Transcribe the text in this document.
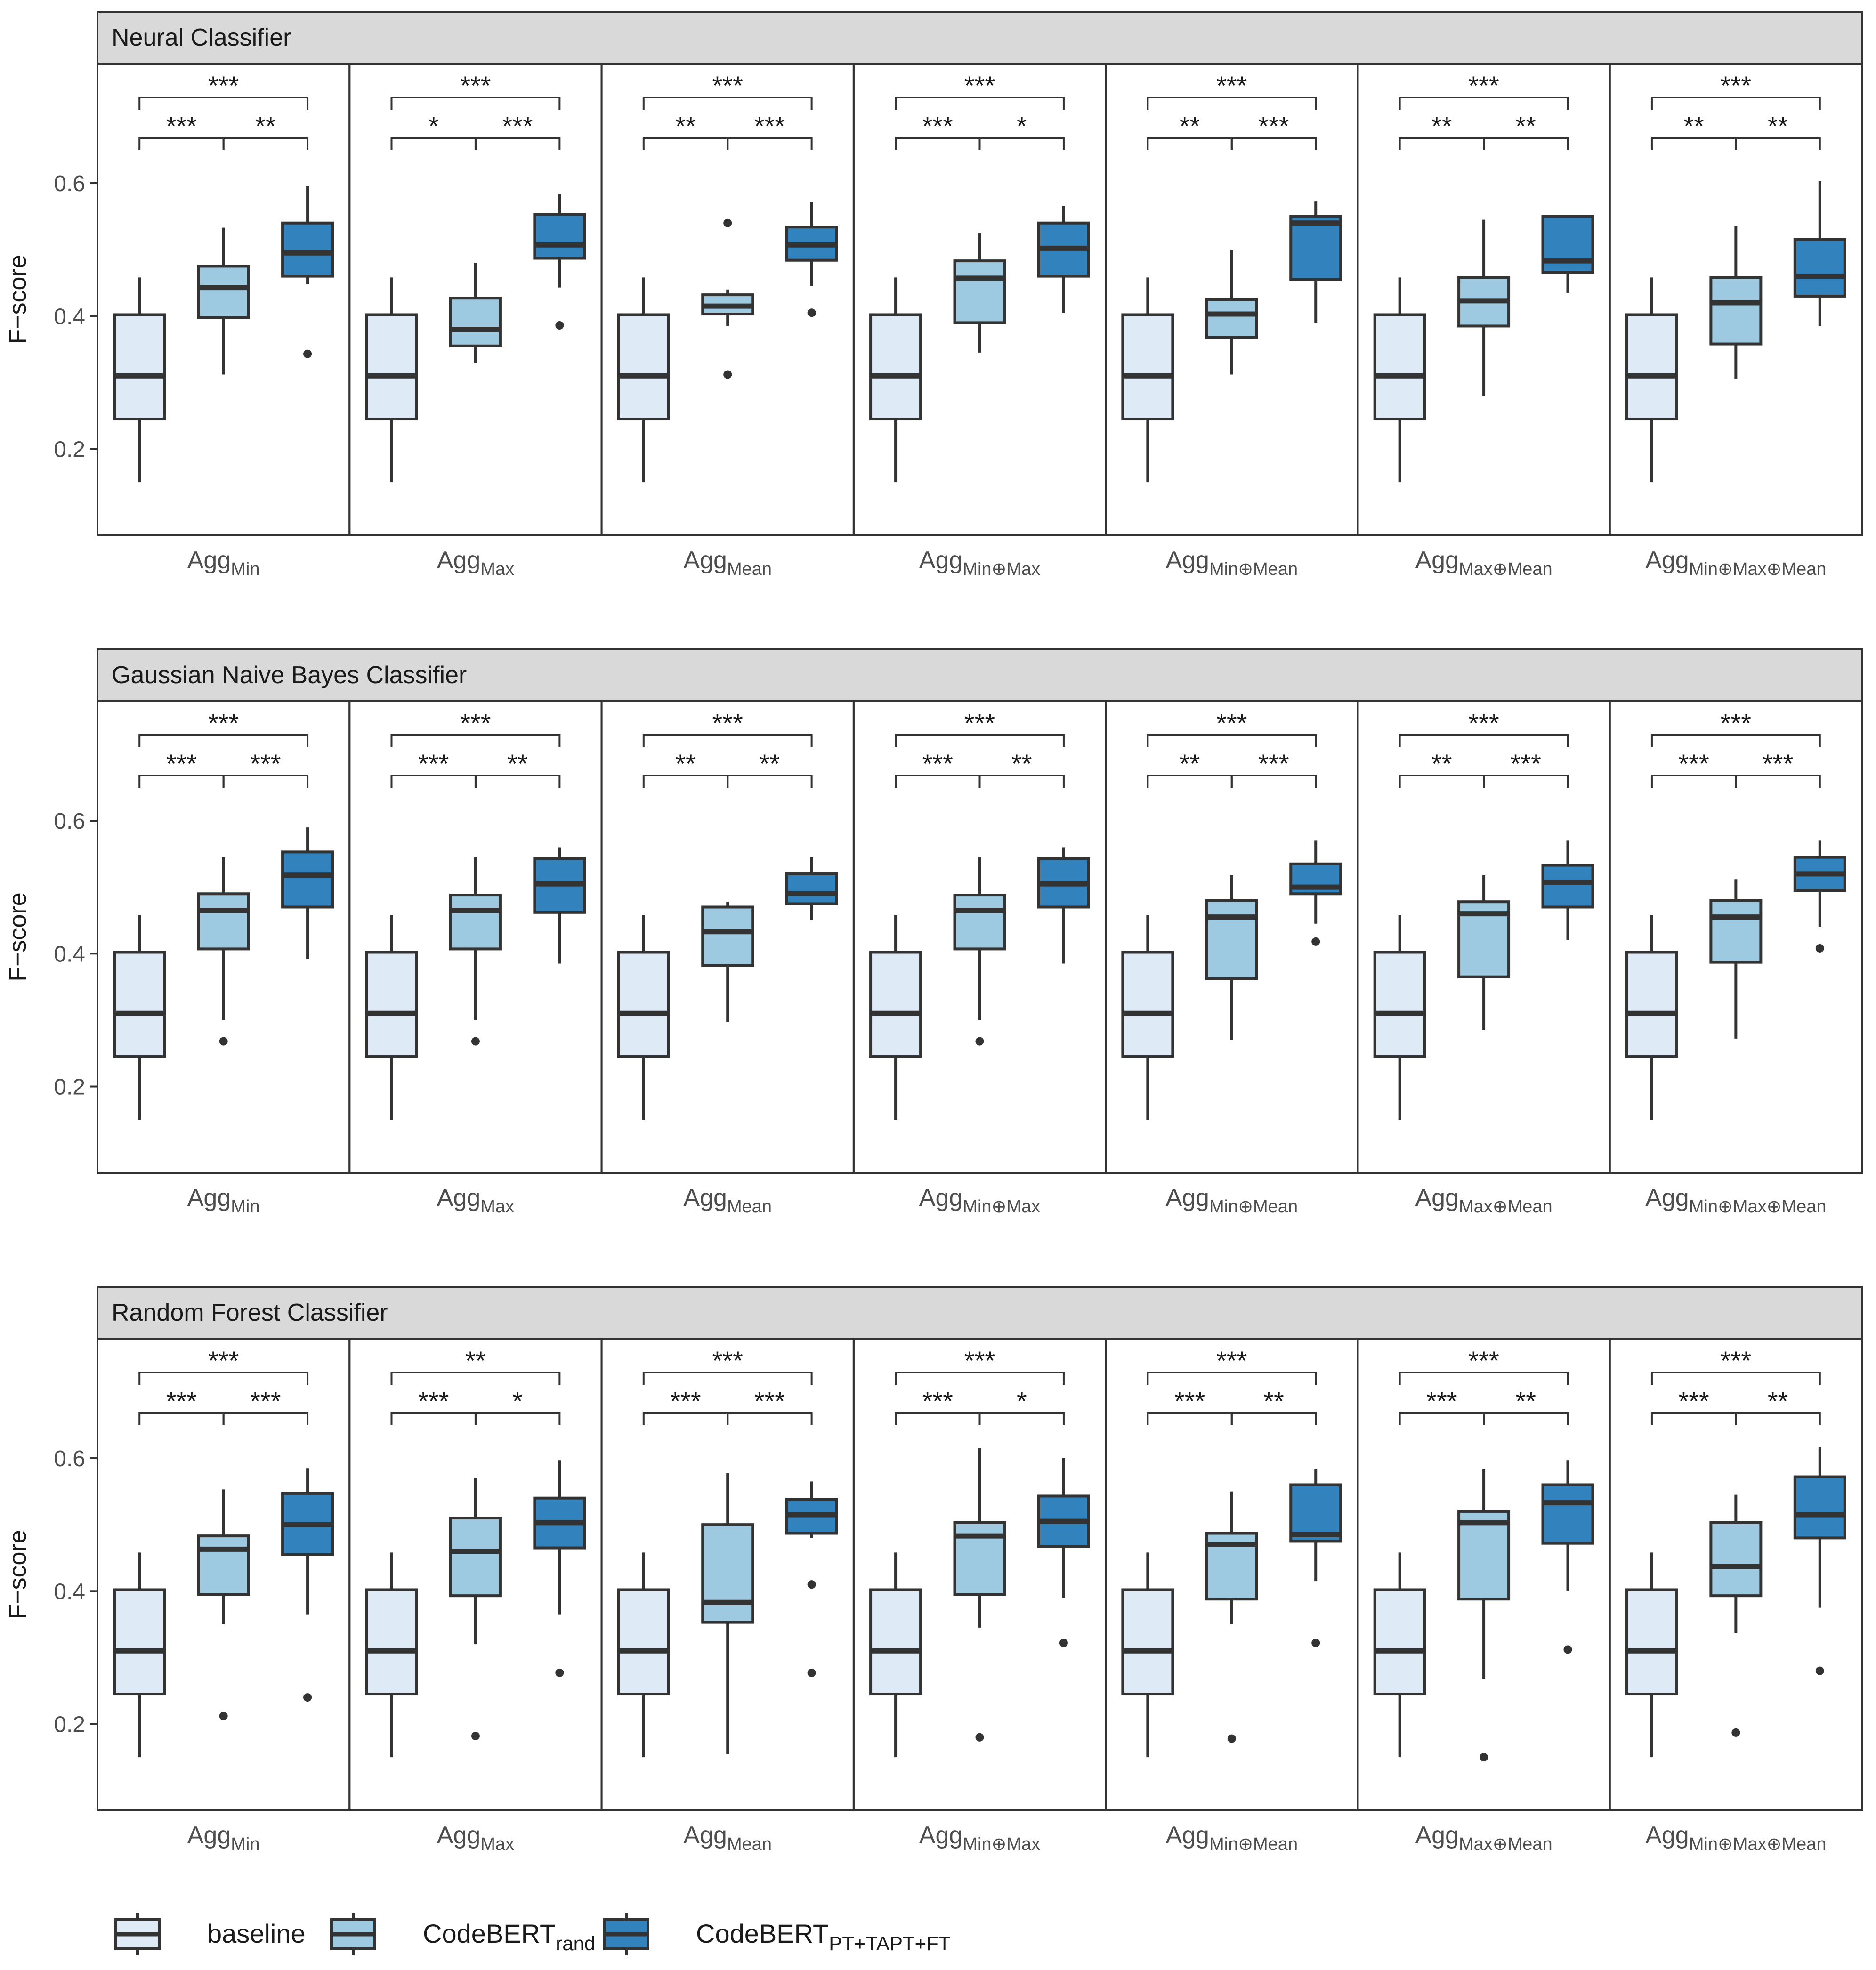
Neural Classifier
0.2
0.4
0.6
F−score
*** **
***
Agg$_{Min}$
* ***
***
Agg$_{Max}$
** ***
***
Agg$_{Mean}$
*** *
***
Agg$_{Min\oplus Max}$
** ***
***
Agg$_{Min\oplus Mean}$
** **
***
Agg$_{Max\oplus Mean}$
** **
***
Agg$_{Min\oplus Max\oplus Mean}$
Gaussian Naive Bayes Classifier
0.2
0.4
0.6
F−score
*** ***
***
Agg$_{Min}$
*** **
***
Agg$_{Max}$
** **
***
Agg$_{Mean}$
*** **
***
Agg$_{Min\oplus Max}$
** ***
***
Agg$_{Min\oplus Mean}$
** ***
***
Agg$_{Max\oplus Mean}$
*** ***
***
Agg$_{Min\oplus Max\oplus Mean}$
Random Forest Classifier
0.2
0.4
0.6
F−score
*** ***
***
Agg$_{Min}$
*** *
**
Agg$_{Max}$
*** ***
***
Agg$_{Mean}$
*** *
***
Agg$_{Min\oplus Max}$
*** **
***
Agg$_{Min\oplus Mean}$
*** **
***
Agg$_{Max\oplus Mean}$
*** **
***
Agg$_{Min\oplus Max\oplus Mean}$
baseline	CodeBERT$_{rand}$	CodeBERT$_{PT+TAPT+FT}$
